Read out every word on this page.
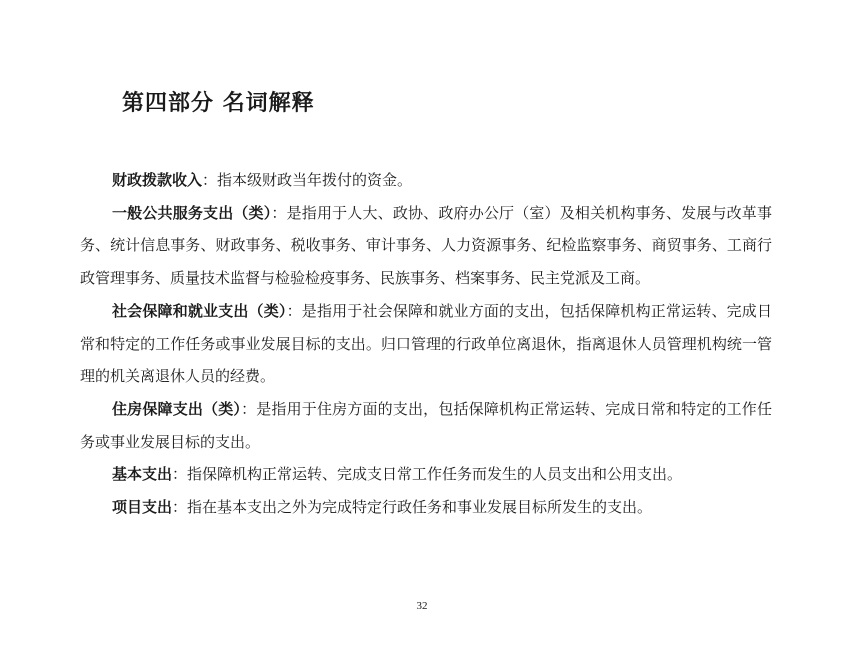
第四部分 名词解释

财政拨款收入：指本级财政当年拨付的资金。

一般公共服务支出（类）：是指用于人大、政协、政府办公厅（室）及相关机构事务、发展与改革事务、统计信息事务、财政事务、税收事务、审计事务、人力资源事务、纪检监察事务、商贸事务、工商行政管理事务、质量技术监督与检验检疫事务、民族事务、档案事务、民主党派及工商。

社会保障和就业支出（类）：是指用于社会保障和就业方面的支出，包括保障机构正常运转、完成日常和特定的工作任务或事业发展目标的支出。归口管理的行政单位离退休，指离退休人员管理机构统一管理的机关离退休人员的经费。

住房保障支出（类）：是指用于住房方面的支出，包括保障机构正常运转、完成日常和特定的工作任务或事业发展目标的支出。

基本支出：指保障机构正常运转、完成支日常工作任务而发生的人员支出和公用支出。

项目支出：指在基本支出之外为完成特定行政任务和事业发展目标所发生的支出。

32
